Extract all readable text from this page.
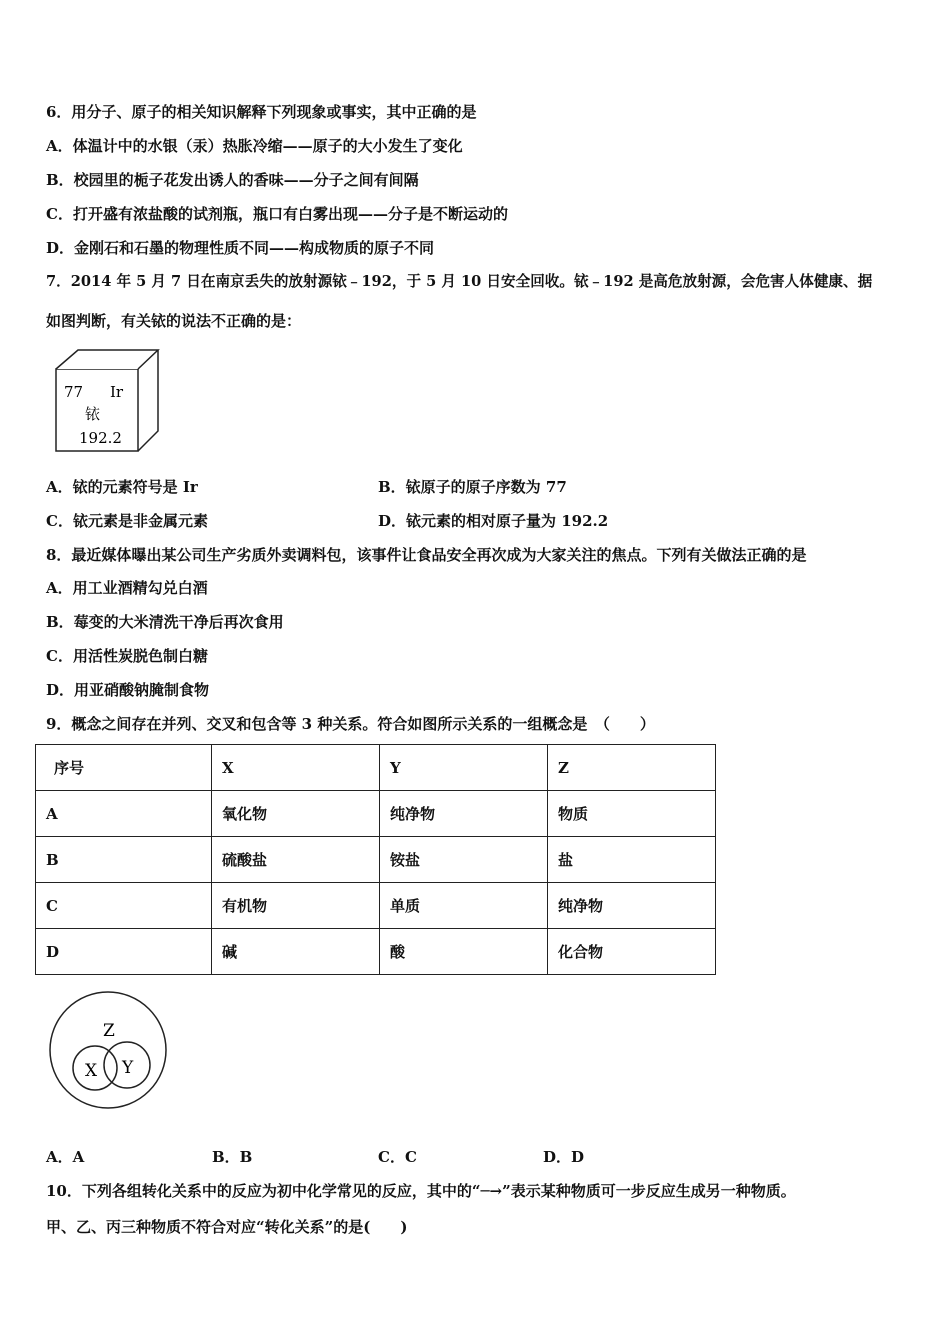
6．用分子、原子的相关知识解释下列现象或事实，其中正确的是
A．体温计中的水银（汞）热胀冷缩——原子的大小发生了变化
B．校园里的栀子花发出诱人的香味——分子之间有间隔
C．打开盛有浓盐酸的试剂瓶，瓶口有白雾出现——分子是不断运动的
D．金刚石和石墨的物理性质不同——构成物质的原子不同
7．2014 年 5 月 7 日在南京丢失的放射源铱﹣192，于 5 月 10 日安全回收。铱﹣192 是高危放射源，会危害人体健康、据
如图判断，有关铱的说法不正确的是：
77 Ir
铱
192.2
A．铱的元素符号是 Ir	B．铱原子的原子序数为 77
C．铱元素是非金属元素	D．铱元素的相对原子量为 192.2
8．最近媒体曝出某公司生产劣质外卖调料包，该事件让食品安全再次成为大家关注的焦点。下列有关做法正确的是
A．用工业酒精勾兑白酒
B．莓变的大米清洗干净后再次食用
C．用活性炭脱色制白糖
D．用亚硝酸钠腌制食物
9．概念之间存在并列、交叉和包含等 3 种关系。符合如图所示关系的一组概念是　（　　）
序号	X	Y	Z
A	氧化物	纯净物	物质
B	硫酸盐	铵盐	盐
C	有机物	单质	纯净物
D	碱	酸	化合物
Z
X Y
A．A	B．B	C．C	D．D
10．下列各组转化关系中的反应为初中化学常见的反应，其中的“─→”表示某种物质可一步反应生成另一种物质。
甲、乙、丙三种物质不符合对应“转化关系”的是(　　)
